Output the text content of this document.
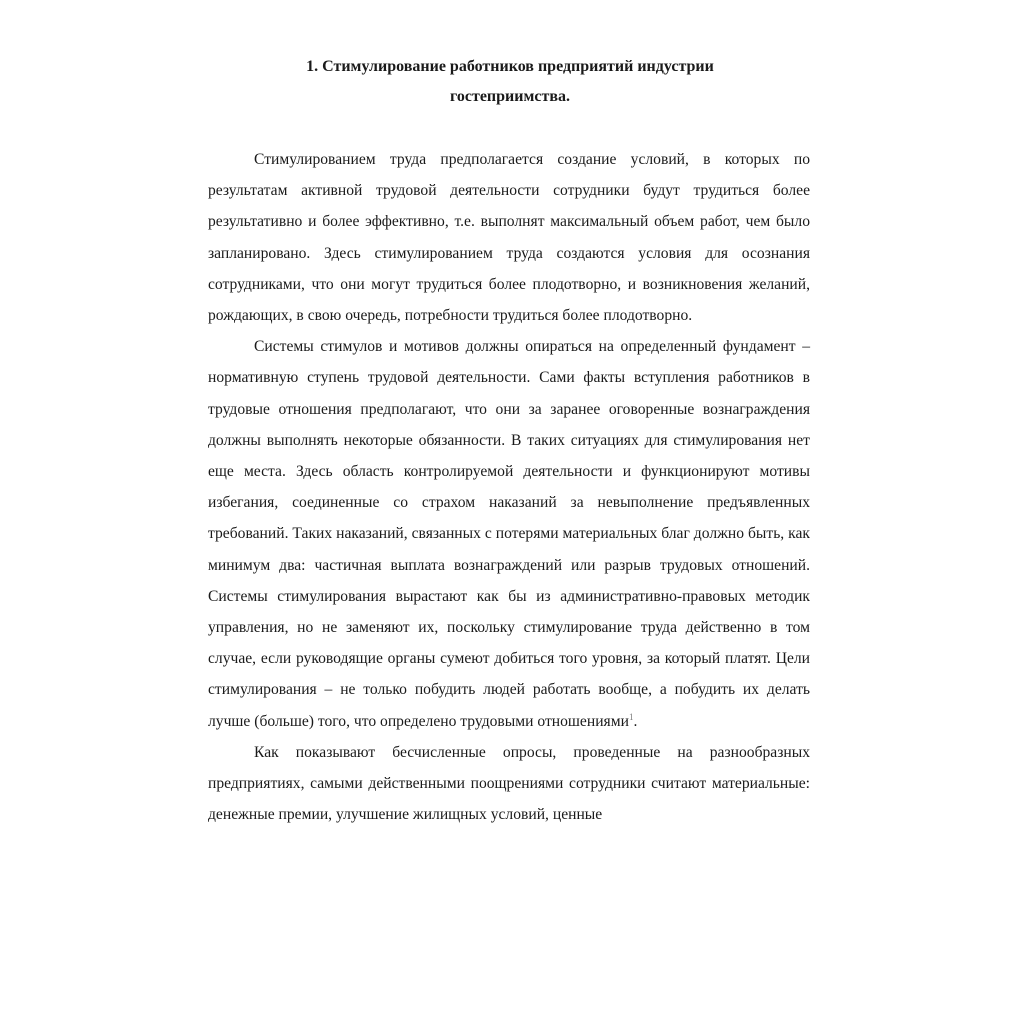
1. Стимулирование работников предприятий индустрии
гостеприимства.

Стимулированием труда предполагается создание условий, в которых по результатам активной трудовой деятельности сотрудники будут трудиться более результативно и более эффективно, т.е. выполнят максимальный объем работ, чем было запланировано. Здесь стимулированием труда создаются условия для осознания сотрудниками, что они могут трудиться более плодотворно, и возникновения желаний, рождающих, в свою очередь, потребности трудиться более плодотворно.

Системы стимулов и мотивов должны опираться на определенный фундамент – нормативную ступень трудовой деятельности. Сами факты вступления работников в трудовые отношения предполагают, что они за заранее оговоренные вознаграждения должны выполнять некоторые обязанности. В таких ситуациях для стимулирования нет еще места. Здесь область контролируемой деятельности и функционируют мотивы избегания, соединенные со страхом наказаний за невыполнение предъявленных требований. Таких наказаний, связанных с потерями материальных благ должно быть, как минимум два: частичная выплата вознаграждений или разрыв трудовых отношений. Системы стимулирования вырастают как бы из административно-правовых методик управления, но не заменяют их, поскольку стимулирование труда действенно в том случае, если руководящие органы сумеют добиться того уровня, за который платят. Цели стимулирования – не только побудить людей работать вообще, а побудить их делать лучше (больше) того, что определено трудовыми отношениями$^1$.

Как показывают бесчисленные опросы, проведенные на разнообразных предприятиях, самыми действенными поощрениями сотрудники считают материальные: денежные премии, улучшение жилищных условий, ценные
